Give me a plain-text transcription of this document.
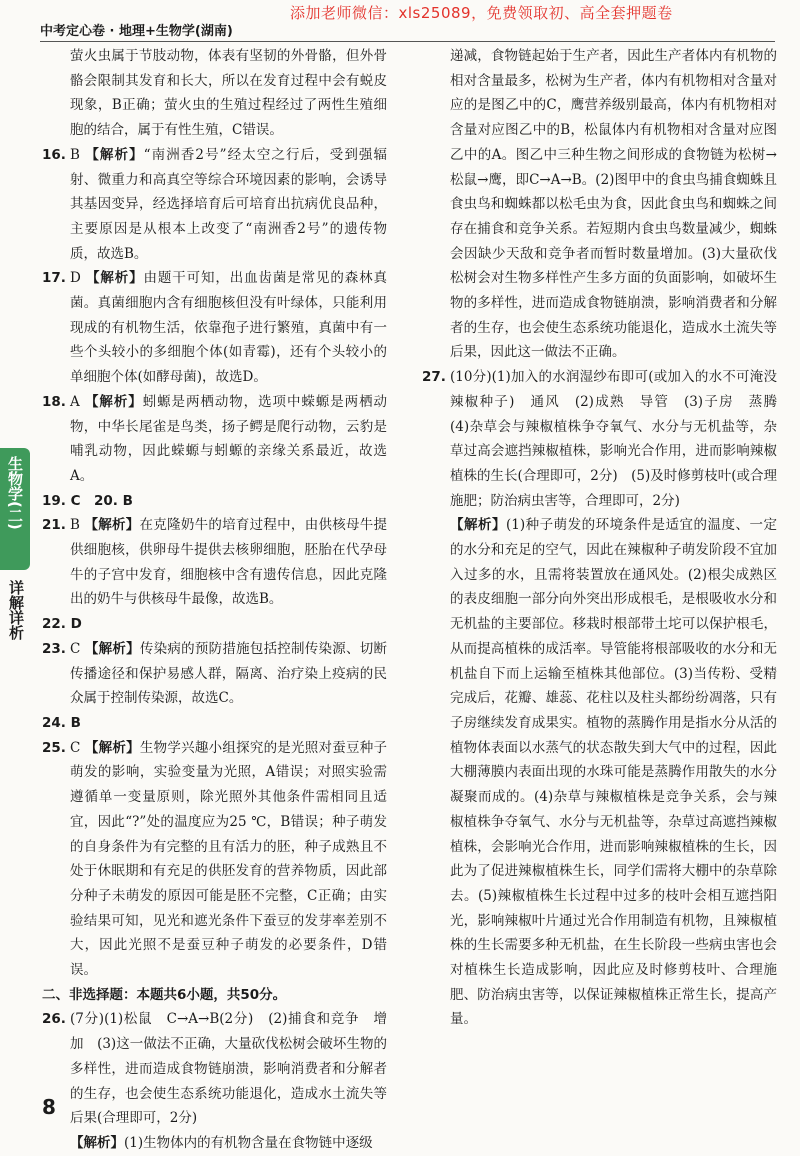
添加老师微信：xls25089，免费领取初、高全套押题卷
中考定心卷 · 地理+生物学(湖南)
生物学(二)
详解详析

萤火虫属于节肢动物，体表有坚韧的外骨骼，但外骨骼会限制其发育和长大，所以在发育过程中会有蜕皮现象，B正确；萤火虫的生殖过程经过了两性生殖细胞的结合，属于有性生殖，C错误。

16. B 【解析】“南洲香2号”经太空之行后，受到强辐射、微重力和高真空等综合环境因素的影响，会诱导其基因变异，经选择培育后可培育出抗病优良品种，主要原因是从根本上改变了“南洲香2号”的遗传物质，故选B。

17. D 【解析】由题干可知，出血齿菌是常见的森林真菌。真菌细胞内含有细胞核但没有叶绿体，只能利用现成的有机物生活，依靠孢子进行繁殖，真菌中有一些个头较小的多细胞个体(如青霉)，还有个头较小的单细胞个体(如酵母菌)，故选D。

18. A 【解析】蚓螈是两栖动物，选项中蝾螈是两栖动物，中华长尾雀是鸟类，扬子鳄是爬行动物，云豹是哺乳动物，因此蝾螈与蚓螈的亲缘关系最近，故选A。

19. C　20. B

21. B 【解析】在克隆奶牛的培育过程中，由供核母牛提供细胞核，供卵母牛提供去核卵细胞，胚胎在代孕母牛的子宫中发育，细胞核中含有遗传信息，因此克隆出的奶牛与供核母牛最像，故选B。

22. D

23. C 【解析】传染病的预防措施包括控制传染源、切断传播途径和保护易感人群，隔离、治疗染上疫病的民众属于控制传染源，故选C。

24. B

25. C 【解析】生物学兴趣小组探究的是光照对蚕豆种子萌发的影响，实验变量为光照，A错误；对照实验需遵循单一变量原则，除光照外其他条件需相同且适宜，因此“?”处的温度应为25 ℃，B错误；种子萌发的自身条件为有完整的且有活力的胚，种子成熟且不处于休眠期和有充足的供胚发育的营养物质，因此部分种子未萌发的原因可能是胚不完整，C正确；由实验结果可知，见光和遮光条件下蚕豆的发芽率差别不大，因此光照不是蚕豆种子萌发的必要条件，D错误。

二、非选择题：本题共6小题，共50分。

26. (7分)(1)松鼠　C→A→B(2分)　(2)捕食和竞争　增加　(3)这一做法不正确，大量砍伐松树会破坏生物的多样性，进而造成食物链崩溃，影响消费者和分解者的生存，也会使生态系统功能退化，造成水土流失等后果(合理即可，2分)

【解析】(1)生物体内的有机物含量在食物链中逐级

递减，食物链起始于生产者，因此生产者体内有机物的相对含量最多，松树为生产者，体内有机物相对含量对应的是图乙中的C，鹰营养级别最高，体内有机物相对含量对应图乙中的B，松鼠体内有机物相对含量对应图乙中的A。图乙中三种生物之间形成的食物链为松树→松鼠→鹰，即C→A→B。(2)图甲中的食虫鸟捕食蜘蛛且食虫鸟和蜘蛛都以松毛虫为食，因此食虫鸟和蜘蛛之间存在捕食和竞争关系。若短期内食虫鸟数量减少，蜘蛛会因缺少天敌和竞争者而暂时数量增加。(3)大量砍伐松树会对生物多样性产生多方面的负面影响，如破坏生物的多样性，进而造成食物链崩溃，影响消费者和分解者的生存，也会使生态系统功能退化，造成水土流失等后果，因此这一做法不正确。

27. (10分)(1)加入的水润湿纱布即可(或加入的水不可淹没辣椒种子)　通风　(2)成熟　导管　(3)子房　蒸腾　(4)杂草会与辣椒植株争夺氧气、水分与无机盐等，杂草过高会遮挡辣椒植株，影响光合作用，进而影响辣椒植株的生长(合理即可，2分)　(5)及时修剪枝叶(或合理施肥；防治病虫害等，合理即可，2分)

【解析】(1)种子萌发的环境条件是适宜的温度、一定的水分和充足的空气，因此在辣椒种子萌发阶段不宜加入过多的水，且需将装置放在通风处。(2)根尖成熟区的表皮细胞一部分向外突出形成根毛，是根吸收水分和无机盐的主要部位。移栽时根部带土坨可以保护根毛，从而提高植株的成活率。导管能将根部吸收的水分和无机盐自下而上运输至植株其他部位。(3)当传粉、受精完成后，花瓣、雄蕊、花柱以及柱头都纷纷凋落，只有子房继续发育成果实。植物的蒸腾作用是指水分从活的植物体表面以水蒸气的状态散失到大气中的过程，因此大棚薄膜内表面出现的水珠可能是蒸腾作用散失的水分凝聚而成的。(4)杂草与辣椒植株是竞争关系，会与辣椒植株争夺氧气、水分与无机盐等，杂草过高遮挡辣椒植株，会影响光合作用，进而影响辣椒植株的生长，因此为了促进辣椒植株生长，同学们需将大棚中的杂草除去。(5)辣椒植株生长过程中过多的枝叶会相互遮挡阳光，影响辣椒叶片通过光合作用制造有机物，且辣椒植株的生长需要多种无机盐，在生长阶段一些病虫害也会对植株生长造成影响，因此应及时修剪枝叶、合理施肥、防治病虫害等，以保证辣椒植株正常生长，提高产量。

8
